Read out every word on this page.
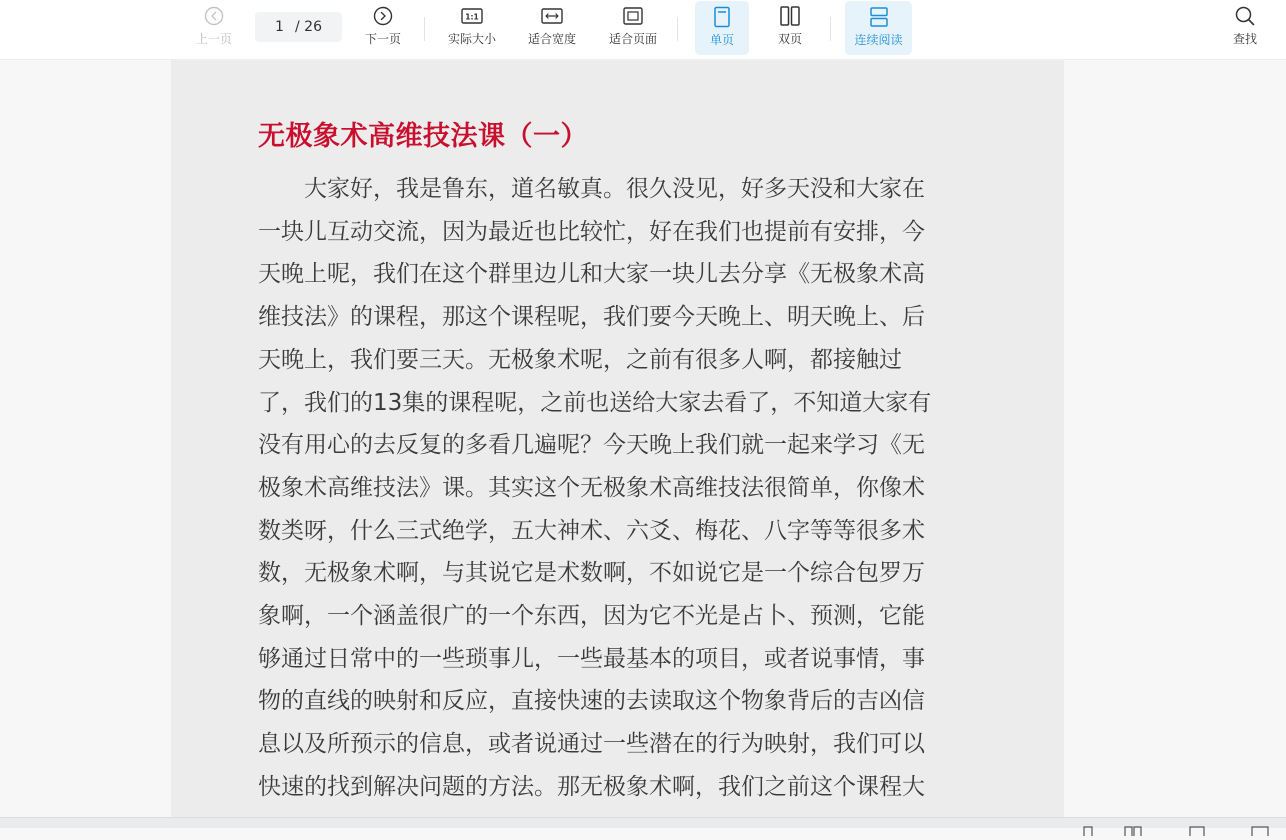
上一页
1 / 26
下一页
1:1
实际大小	适合宽度	适合页面	单页	双页	连续阅读	查找
无极象术高维技法课（一）
　　大家好，我是鲁东，道名敏真。很久没见，好多天没和大家在
一块儿互动交流，因为最近也比较忙，好在我们也提前有安排，今
天晚上呢，我们在这个群里边儿和大家一块儿去分享《无极象术高
维技法》的课程，那这个课程呢，我们要今天晚上、明天晚上、后
天晚上，我们要三天。无极象术呢，之前有很多人啊，都接触过
了，我们的13集的课程呢，之前也送给大家去看了，不知道大家有
没有用心的去反复的多看几遍呢？今天晚上我们就一起来学习《无
极象术高维技法》课。其实这个无极象术高维技法很简单，你像术
数类呀，什么三式绝学，五大神术、六爻、梅花、八字等等很多术
数，无极象术啊，与其说它是术数啊，不如说它是一个综合包罗万
象啊，一个涵盖很广的一个东西，因为它不光是占卜、预测，它能
够通过日常中的一些琐事儿，一些最基本的项目，或者说事情，事
物的直线的映射和反应，直接快速的去读取这个物象背后的吉凶信
息以及所预示的信息，或者说通过一些潜在的行为映射，我们可以
快速的找到解决问题的方法。那无极象术啊，我们之前这个课程大
